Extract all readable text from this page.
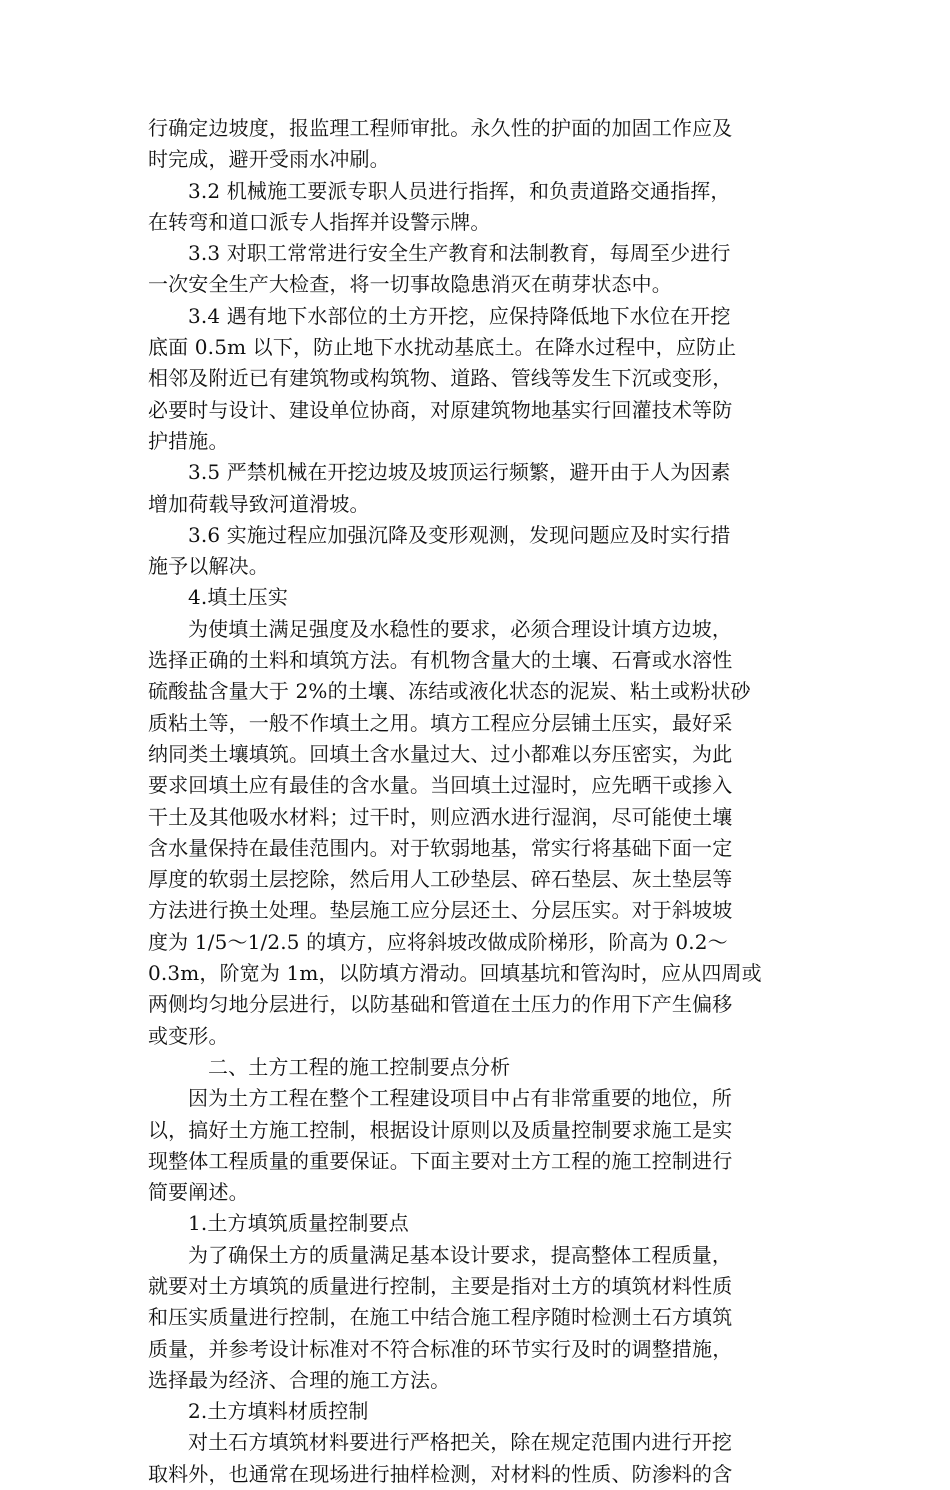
行确定边坡度，报监理工程师审批。永久性的护面的加固工作应及
时完成，避开受雨水冲刷。
3.2 机械施工要派专职人员进行指挥，和负责道路交通指挥，
在转弯和道口派专人指挥并设警示牌。
3.3 对职工常常进行安全生产教育和法制教育，每周至少进行
一次安全生产大检查，将一切事故隐患消灭在萌芽状态中。
3.4 遇有地下水部位的土方开挖，应保持降低地下水位在开挖
底面 0.5m 以下，防止地下水扰动基底土。在降水过程中，应防止
相邻及附近已有建筑物或构筑物、道路、管线等发生下沉或变形，
必要时与设计、建设单位协商，对原建筑物地基实行回灌技术等防
护措施。
3.5 严禁机械在开挖边坡及坡顶运行频繁，避开由于人为因素
增加荷载导致河道滑坡。
3.6 实施过程应加强沉降及变形观测，发现问题应及时实行措
施予以解决。
4.填土压实
为使填土满足强度及水稳性的要求，必须合理设计填方边坡，
选择正确的土料和填筑方法。有机物含量大的土壤、石膏或水溶性
硫酸盐含量大于 2%的土壤、冻结或液化状态的泥炭、粘土或粉状砂
质粘土等，一般不作填土之用。填方工程应分层铺土压实，最好采
纳同类土壤填筑。回填土含水量过大、过小都难以夯压密实，为此
要求回填土应有最佳的含水量。当回填土过湿时，应先晒干或掺入
干土及其他吸水材料；过干时，则应洒水进行湿润，尽可能使土壤
含水量保持在最佳范围内。对于软弱地基，常实行将基础下面一定
厚度的软弱土层挖除，然后用人工砂垫层、碎石垫层、灰土垫层等
方法进行换土处理。垫层施工应分层还土、分层压实。对于斜坡坡
度为 1/5～1/2.5 的填方，应将斜坡改做成阶梯形，阶高为 0.2～
0.3m，阶宽为 1m，以防填方滑动。回填基坑和管沟时，应从四周或
两侧均匀地分层进行，以防基础和管道在土压力的作用下产生偏移
或变形。
二、土方工程的施工控制要点分析
因为土方工程在整个工程建设项目中占有非常重要的地位，所
以，搞好土方施工控制，根据设计原则以及质量控制要求施工是实
现整体工程质量的重要保证。下面主要对土方工程的施工控制进行
简要阐述。
1.土方填筑质量控制要点
为了确保土方的质量满足基本设计要求，提高整体工程质量，
就要对土方填筑的质量进行控制，主要是指对土方的填筑材料性质
和压实质量进行控制，在施工中结合施工程序随时检测土石方填筑
质量，并参考设计标准对不符合标准的环节实行及时的调整措施，
选择最为经济、合理的施工方法。
2.土方填料材质控制
对土石方填筑材料要进行严格把关，除在规定范围内进行开挖
取料外，也通常在现场进行抽样检测，对材料的性质、防渗料的含
